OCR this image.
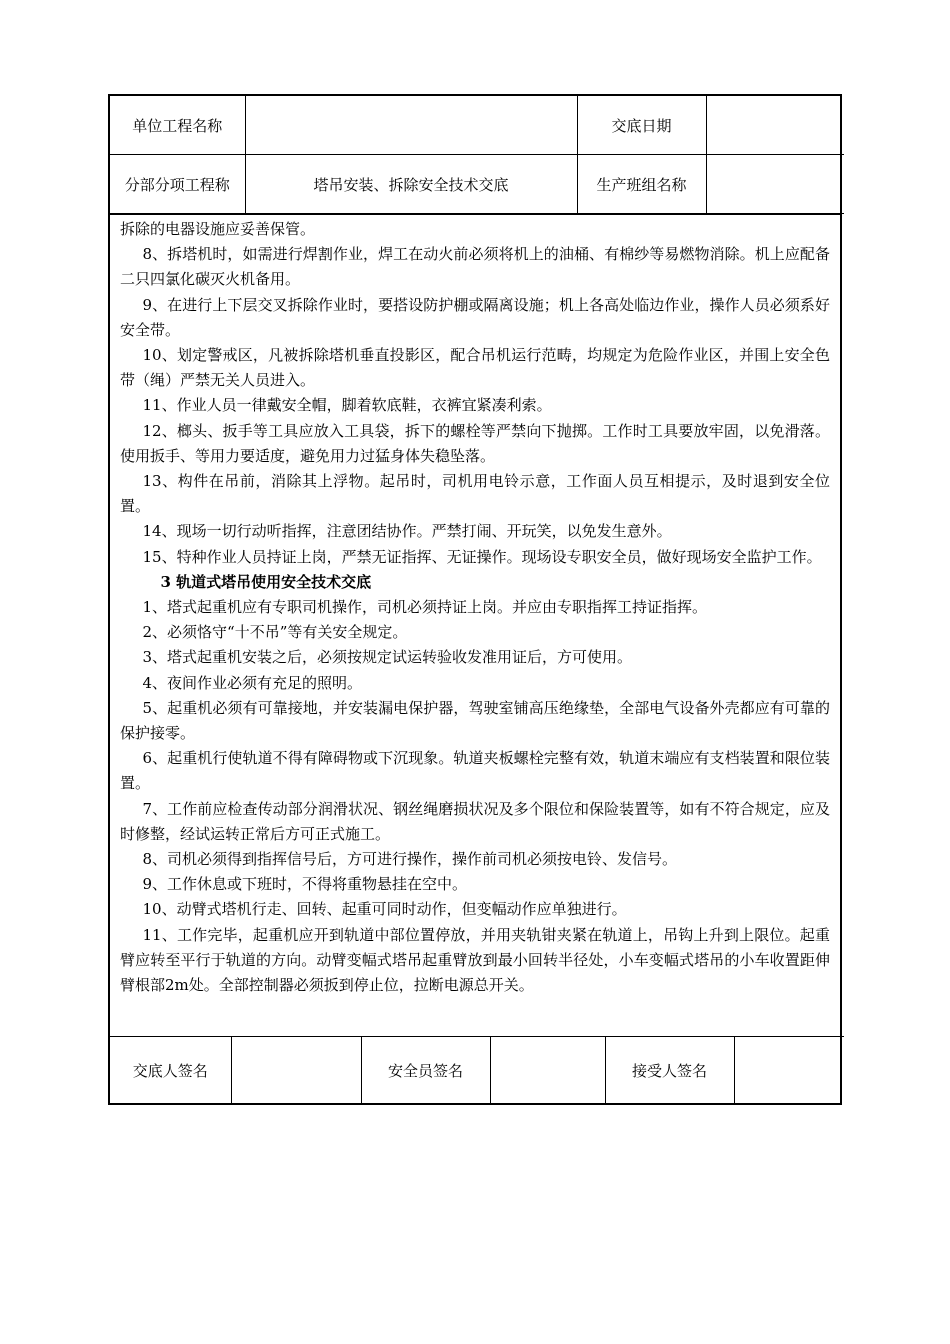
单位工程名称		交底日期	
分部分项工程称	塔吊安装、拆除安全技术交底	生产班组名称	

拆除的电器设施应妥善保管。

8、拆塔机时，如需进行焊割作业，焊工在动火前必须将机上的油桶、有棉纱等易燃物消除。机上应配备二只四氯化碳灭火机备用。

9、在进行上下层交叉拆除作业时，要搭设防护棚或隔离设施；机上各高处临边作业，操作人员必须系好安全带。

10、划定警戒区，凡被拆除塔机垂直投影区，配合吊机运行范畴，均规定为危险作业区，并围上安全色带（绳）严禁无关人员进入。

11、作业人员一律戴安全帽，脚着软底鞋，衣裤宜紧凑利索。

12、榔头、扳手等工具应放入工具袋，拆下的螺栓等严禁向下抛掷。工作时工具要放牢固，以免滑落。使用扳手、等用力要适度，避免用力过猛身体失稳坠落。

13、构件在吊前，消除其上浮物。起吊时，司机用电铃示意，工作面人员互相提示，及时退到安全位置。

14、现场一切行动听指挥，注意团结协作。严禁打闹、开玩笑，以免发生意外。

15、特种作业人员持证上岗，严禁无证指挥、无证操作。现场设专职安全员，做好现场安全监护工作。

3 轨道式塔吊使用安全技术交底

1、塔式起重机应有专职司机操作，司机必须持证上岗。并应由专职指挥工持证指挥。

2、必须恪守“十不吊”等有关安全规定。

3、塔式起重机安装之后，必须按规定试运转验收发准用证后，方可使用。

4、夜间作业必须有充足的照明。

5、起重机必须有可靠接地，并安装漏电保护器，驾驶室铺高压绝缘垫，全部电气设备外壳都应有可靠的保护接零。

6、起重机行使轨道不得有障碍物或下沉现象。轨道夹板螺栓完整有效，轨道末端应有支档装置和限位装置。

7、工作前应检查传动部分润滑状况、钢丝绳磨损状况及多个限位和保险装置等，如有不符合规定，应及时修整，经试运转正常后方可正式施工。

8、司机必须得到指挥信号后，方可进行操作，操作前司机必须按电铃、发信号。

9、工作休息或下班时，不得将重物悬挂在空中。

10、动臂式塔机行走、回转、起重可同时动作，但变幅动作应单独进行。

11、工作完毕，起重机应开到轨道中部位置停放，并用夹轨钳夹紧在轨道上，吊钩上升到上限位。起重臂应转至平行于轨道的方向。动臂变幅式塔吊起重臂放到最小回转半径处，小车变幅式塔吊的小车收置距伸臂根部2m处。全部控制器必须扳到停止位，拉断电源总开关。

交底人签名		安全员签名		接受人签名	
